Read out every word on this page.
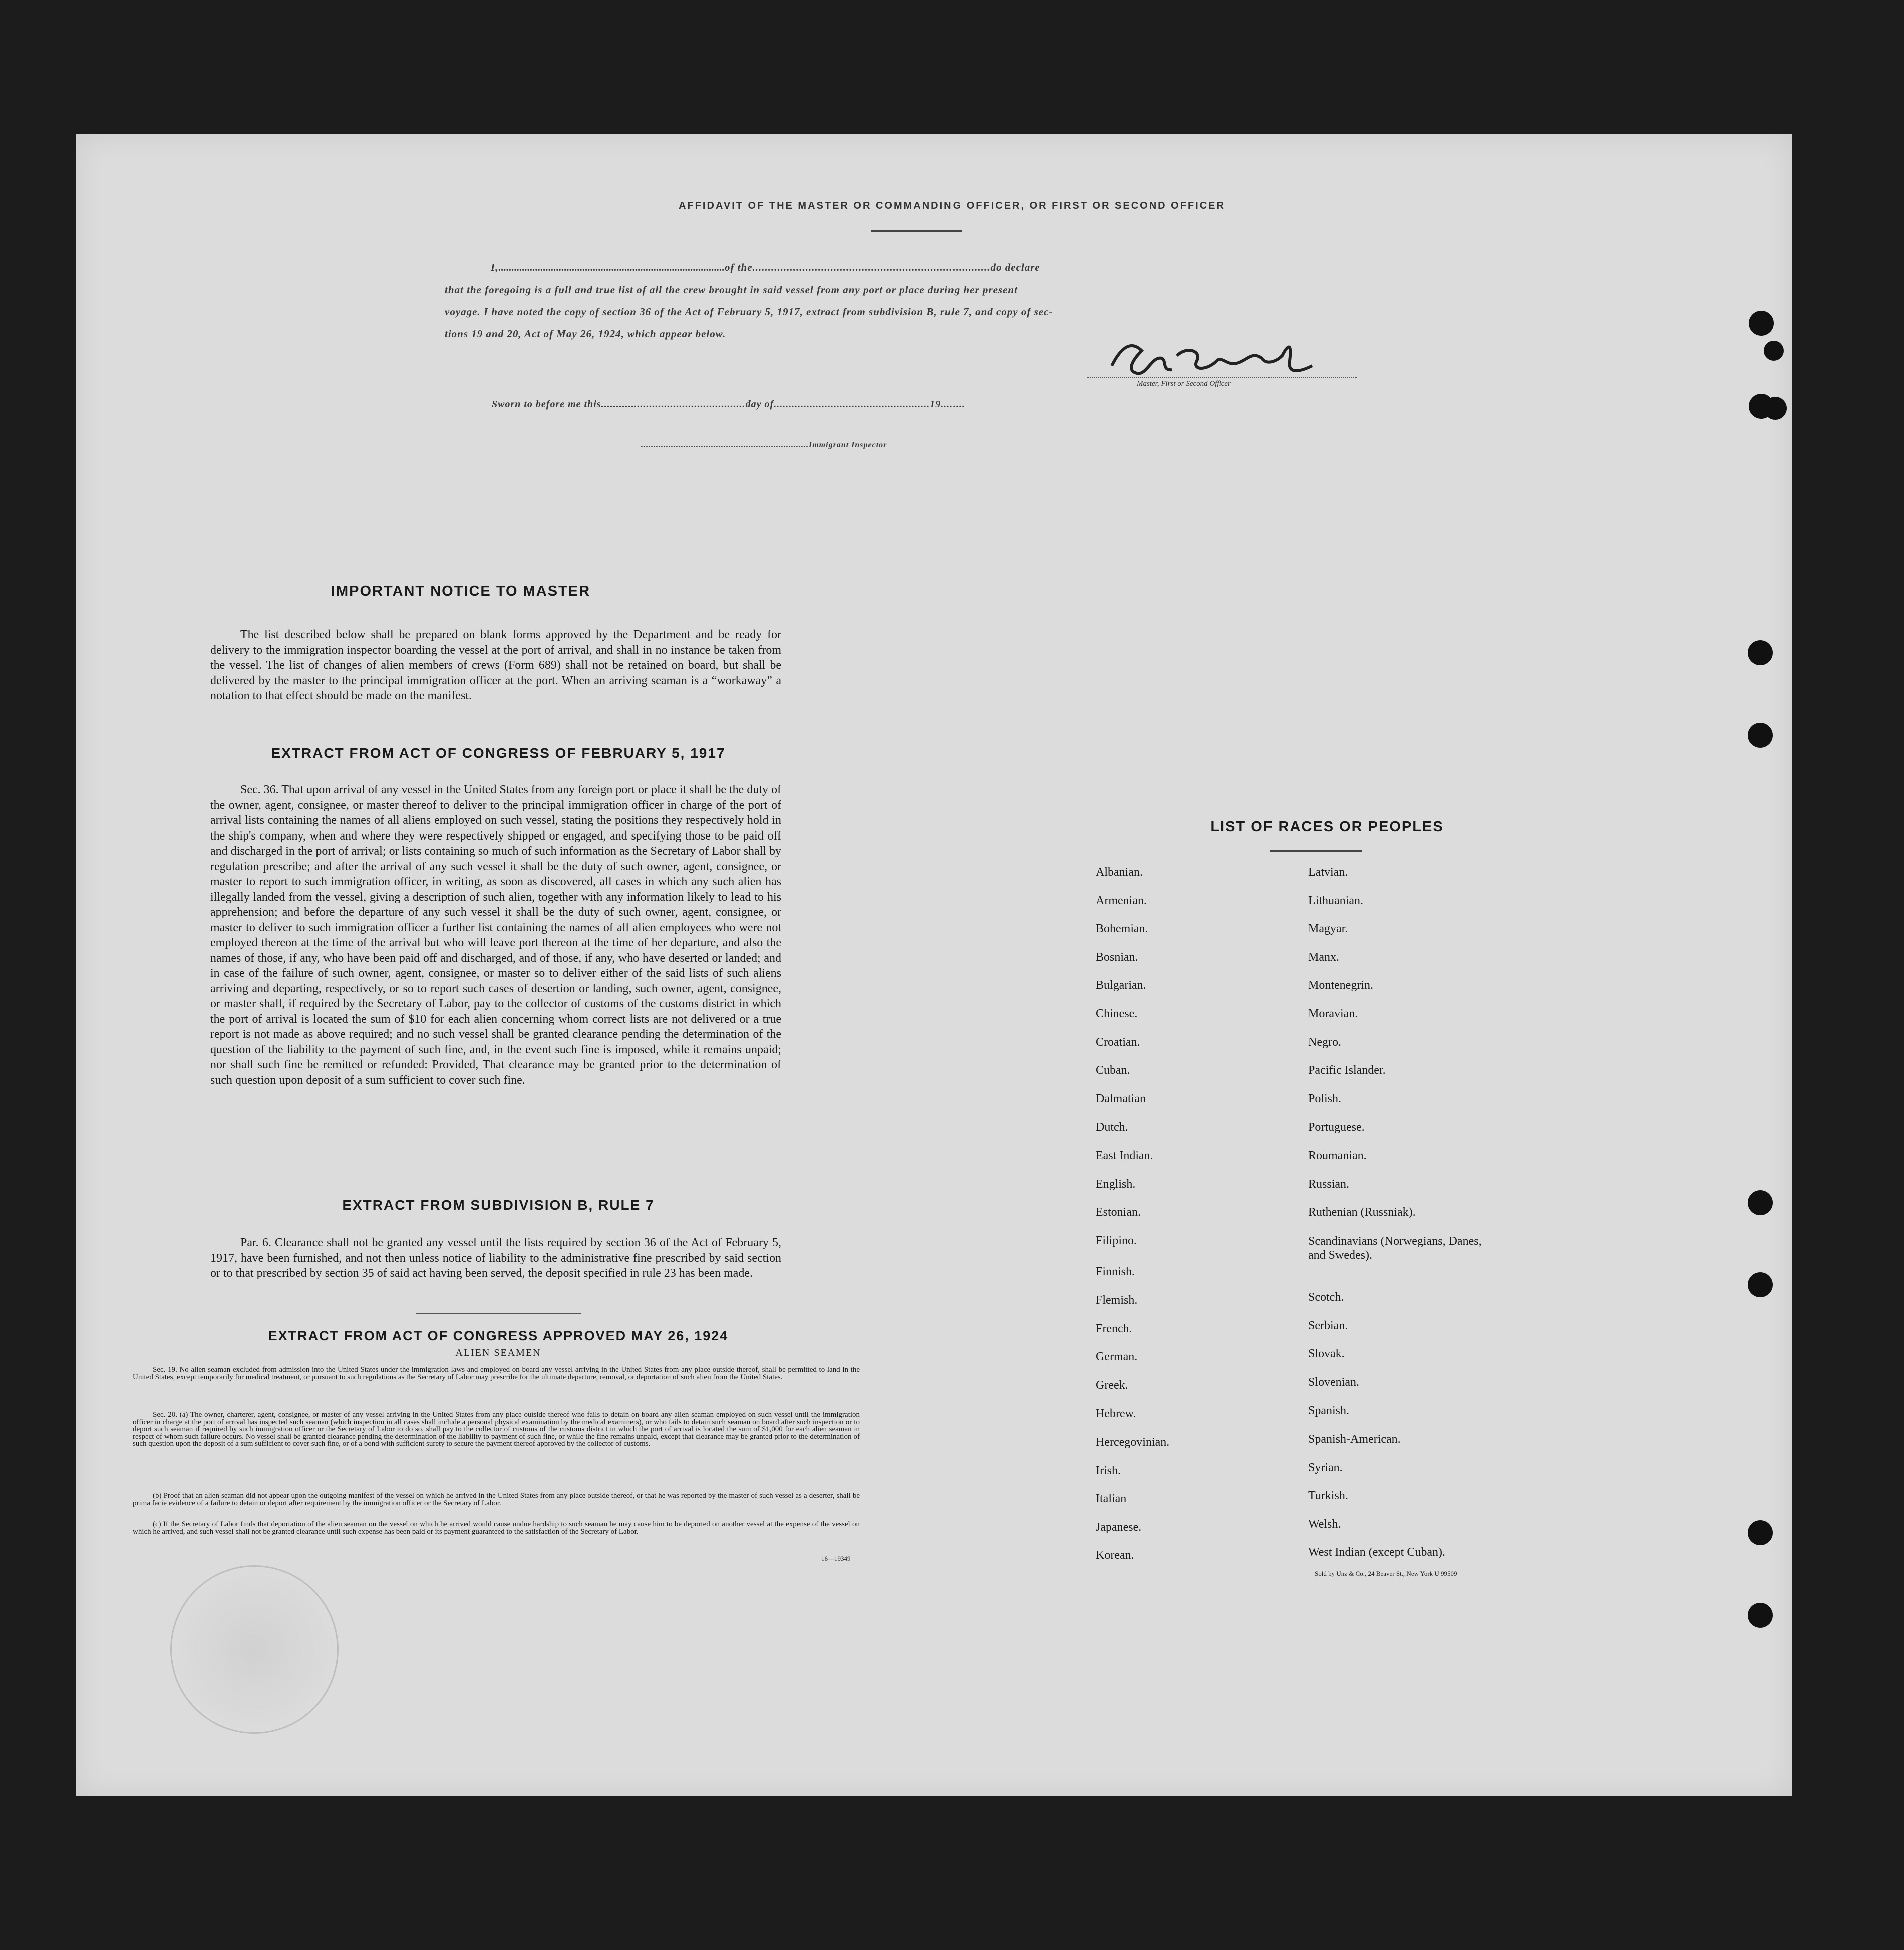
AFFIDAVIT OF THE MASTER OR COMMANDING OFFICER, OR FIRST OR SECOND OFFICER
I,......................................................................................of the............................................................................do declare
that the foregoing is a full and true list of all the crew brought in said vessel from any port or place during her present
voyage. I have noted the copy of section 36 of the Act of February 5, 1917, extract from subdivision B, rule 7, and copy of sec-
tions 19 and 20, Act of May 26, 1924, which appear below.
Master, First or Second Officer
Sworn to before me this................................................day of....................................................19........
...................................................................Immigrant Inspector
IMPORTANT NOTICE TO MASTER
The list described below shall be prepared on blank forms approved by the Department and be ready for delivery to the immigration inspector boarding the vessel at the port of arrival, and shall in no instance be taken from the vessel. The list of changes of alien members of crews (Form 689) shall not be retained on board, but shall be delivered by the master to the principal immigration officer at the port. When an arriving seaman is a “workaway” a notation to that effect should be made on the manifest.
EXTRACT FROM ACT OF CONGRESS OF FEBRUARY 5, 1917
Sec. 36. That upon arrival of any vessel in the United States from any foreign port or place it shall be the duty of the owner, agent, consignee, or master thereof to deliver to the principal immigration officer in charge of the port of arrival lists containing the names of all aliens employed on such vessel, stating the positions they respectively hold in the ship's company, when and where they were respectively shipped or engaged, and specifying those to be paid off and discharged in the port of arrival; or lists containing so much of such information as the Secretary of Labor shall by regulation prescribe; and after the arrival of any such vessel it shall be the duty of such owner, agent, consignee, or master to report to such immigration officer, in writing, as soon as discovered, all cases in which any such alien has illegally landed from the vessel, giving a description of such alien, together with any information likely to lead to his apprehension; and before the departure of any such vessel it shall be the duty of such owner, agent, consignee, or master to deliver to such immigration officer a further list containing the names of all alien employees who were not employed thereon at the time of the arrival but who will leave port thereon at the time of her departure, and also the names of those, if any, who have been paid off and discharged, and of those, if any, who have deserted or landed; and in case of the failure of such owner, agent, consignee, or master so to deliver either of the said lists of such aliens arriving and departing, respectively, or so to report such cases of desertion or landing, such owner, agent, consignee, or master shall, if required by the Secretary of Labor, pay to the collector of customs of the customs district in which the port of arrival is located the sum of $10 for each alien concerning whom correct lists are not delivered or a true report is not made as above required; and no such vessel shall be granted clearance pending the determination of the question of the liability to the payment of such fine, and, in the event such fine is imposed, while it remains unpaid; nor shall such fine be remitted or refunded: Provided, That clearance may be granted prior to the determination of such question upon deposit of a sum sufficient to cover such fine.
EXTRACT FROM SUBDIVISION B, RULE 7
Par. 6. Clearance shall not be granted any vessel until the lists required by section 36 of the Act of February 5, 1917, have been furnished, and not then unless notice of liability to the administrative fine prescribed by said section or to that prescribed by section 35 of said act having been served, the deposit specified in rule 23 has been made.
EXTRACT FROM ACT OF CONGRESS APPROVED MAY 26, 1924
ALIEN SEAMEN
Sec. 19. No alien seaman excluded from admission into the United States under the immigration laws and employed on board any vessel arriving in the United States from any place outside thereof, shall be permitted to land in the United States, except temporarily for medical treatment, or pursuant to such regulations as the Secretary of Labor may prescribe for the ultimate departure, removal, or deportation of such alien from the United States.
Sec. 20. (a) The owner, charterer, agent, consignee, or master of any vessel arriving in the United States from any place outside thereof who fails to detain on board any alien seaman employed on such vessel until the immigration officer in charge at the port of arrival has inspected such seaman (which inspection in all cases shall include a personal physical examination by the medical examiners), or who fails to detain such seaman on board after such inspection or to deport such seaman if required by such immigration officer or the Secretary of Labor to do so, shall pay to the collector of customs of the customs district in which the port of arrival is located the sum of $1,000 for each alien seaman in respect of whom such failure occurs. No vessel shall be granted clearance pending the determination of the liability to payment of such fine, or while the fine remains unpaid, except that clearance may be granted prior to the determination of such question upon the deposit of a sum sufficient to cover such fine, or of a bond with sufficient surety to secure the payment thereof approved by the collector of customs.
(b) Proof that an alien seaman did not appear upon the outgoing manifest of the vessel on which he arrived in the United States from any place outside thereof, or that he was reported by the master of such vessel as a deserter, shall be prima facie evidence of a failure to detain or deport after requirement by the immigration officer or the Secretary of Labor.
(c) If the Secretary of Labor finds that deportation of the alien seaman on the vessel on which he arrived would cause undue hardship to such seaman he may cause him to be deported on another vessel at the expense of the vessel on which he arrived, and such vessel shall not be granted clearance until such expense has been paid or its payment guaranteed to the satisfaction of the Secretary of Labor.
16—19349
LIST OF RACES OR PEOPLES
Albanian.
Armenian.
Bohemian.
Bosnian.
Bulgarian.
Chinese.
Croatian.
Cuban.
Dalmatian
Dutch.
East Indian.
English.
Estonian.
Filipino.
Finnish.
Flemish.
French.
German.
Greek.
Hebrew.
Hercegovinian.
Irish.
Italian
Japanese.
Korean.
Latvian.
Lithuanian.
Magyar.
Manx.
Montenegrin.
Moravian.
Negro.
Pacific Islander.
Polish.
Portuguese.
Roumanian.
Russian.
Ruthenian (Russniak).
Scandinavians (Norwegians, Danes, and Swedes).
Scotch.
Serbian.
Slovak.
Slovenian.
Spanish.
Spanish-American.
Syrian.
Turkish.
Welsh.
West Indian (except Cuban).
Sold by Unz & Co., 24 Beaver St., New York U 99509
